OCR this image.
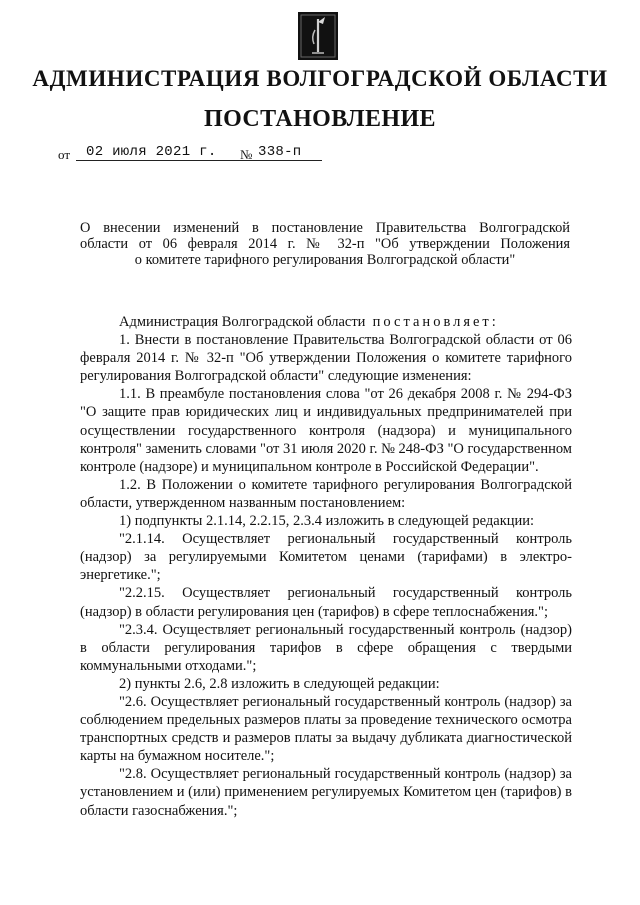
АДМИНИСТРАЦИЯ ВОЛГОГРАДСКОЙ ОБЛАСТИ
ПОСТАНОВЛЕНИЕ
от 02 июля 2021 г. № 338-п
О внесении изменений в постановление Правительства Волгоградской
области от 06 февраля 2014 г. № 32-п "Об утверждении Положения
о комитете тарифного регулирования Волгоградской области"

Администрация Волгоградской области постановляет:

1. Внести в постановление Правительства Волгоградской области от 06 февраля 2014 г. № 32-п "Об утверждении Положения о комитете тарифного регулирования Волгоградской области" следующие изменения:

1.1. В преамбуле постановления слова "от 26 декабря 2008 г. № 294-ФЗ "О защите прав юридических лиц и индивидуальных предпринимателей при осуществлении государственного контроля (надзора) и муниципального контроля" заменить словами "от 31 июля 2020 г. № 248-ФЗ "О государственном контроле (надзоре) и муниципальном контроле в Российской Федерации".

1.2. В Положении о комитете тарифного регулирования Волгоградской области, утвержденном названным постановлением:

1) подпункты 2.1.14, 2.2.15, 2.3.4 изложить в следующей редакции:

"2.1.14. Осуществляет региональный государственный контроль (надзор) за регулируемыми Комитетом ценами (тарифами) в электро-энергетике.";

"2.2.15. Осуществляет региональный государственный контроль (надзор) в области регулирования цен (тарифов) в сфере теплоснабжения.";

"2.3.4. Осуществляет региональный государственный контроль (надзор) в области регулирования тарифов в сфере обращения с твердыми коммунальными отходами.";

2) пункты 2.6, 2.8 изложить в следующей редакции:

"2.6. Осуществляет региональный государственный контроль (надзор) за соблюдением предельных размеров платы за проведение технического осмотра транспортных средств и размеров платы за выдачу дубликата диагностической карты на бумажном носителе.";

"2.8. Осуществляет региональный государственный контроль (надзор) за установлением и (или) применением регулируемых Комитетом цен (тарифов) в области газоснабжения.";
